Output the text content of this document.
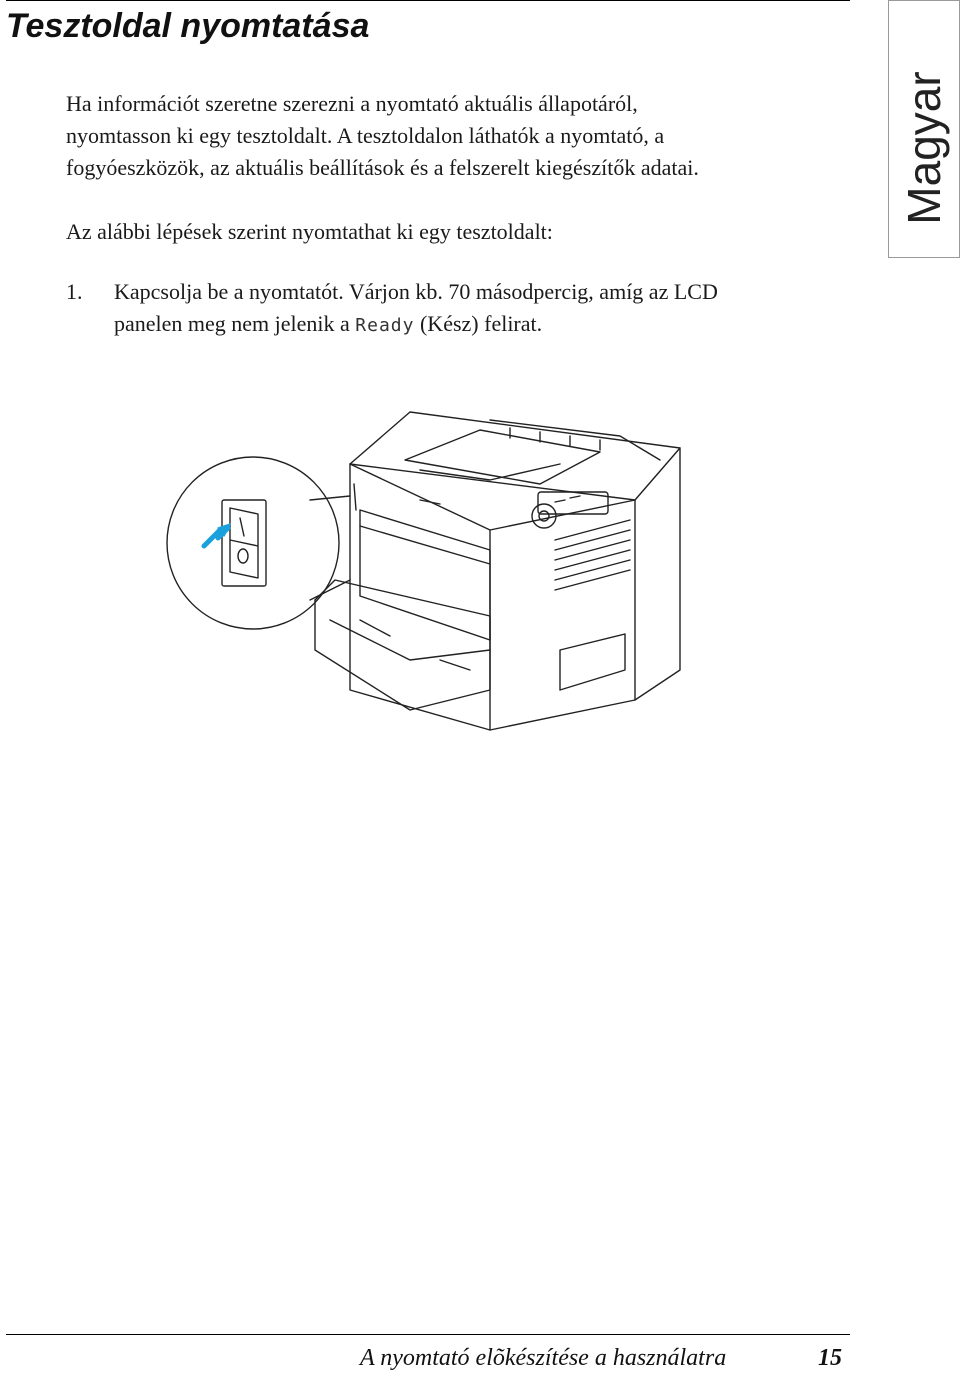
Tesztoldal nyomtatása
Magyar
Ha információt szeretne szerezni a nyomtató aktuális állapotáról,
nyomtasson ki egy tesztoldalt. A tesztoldalon láthatók a nyomtató, a
fogyóeszközök, az aktuális beállítások és a felszerelt kiegészítők adatai.

Az alábbi lépések szerint nyomtathat ki egy tesztoldalt:

1. Kapcsolja be a nyomtatót. Várjon kb. 70 másodpercig, amíg az LCD
panelen meg nem jelenik a Ready (Kész) felirat.
A nyomtató elõkészítése a használatra	15
